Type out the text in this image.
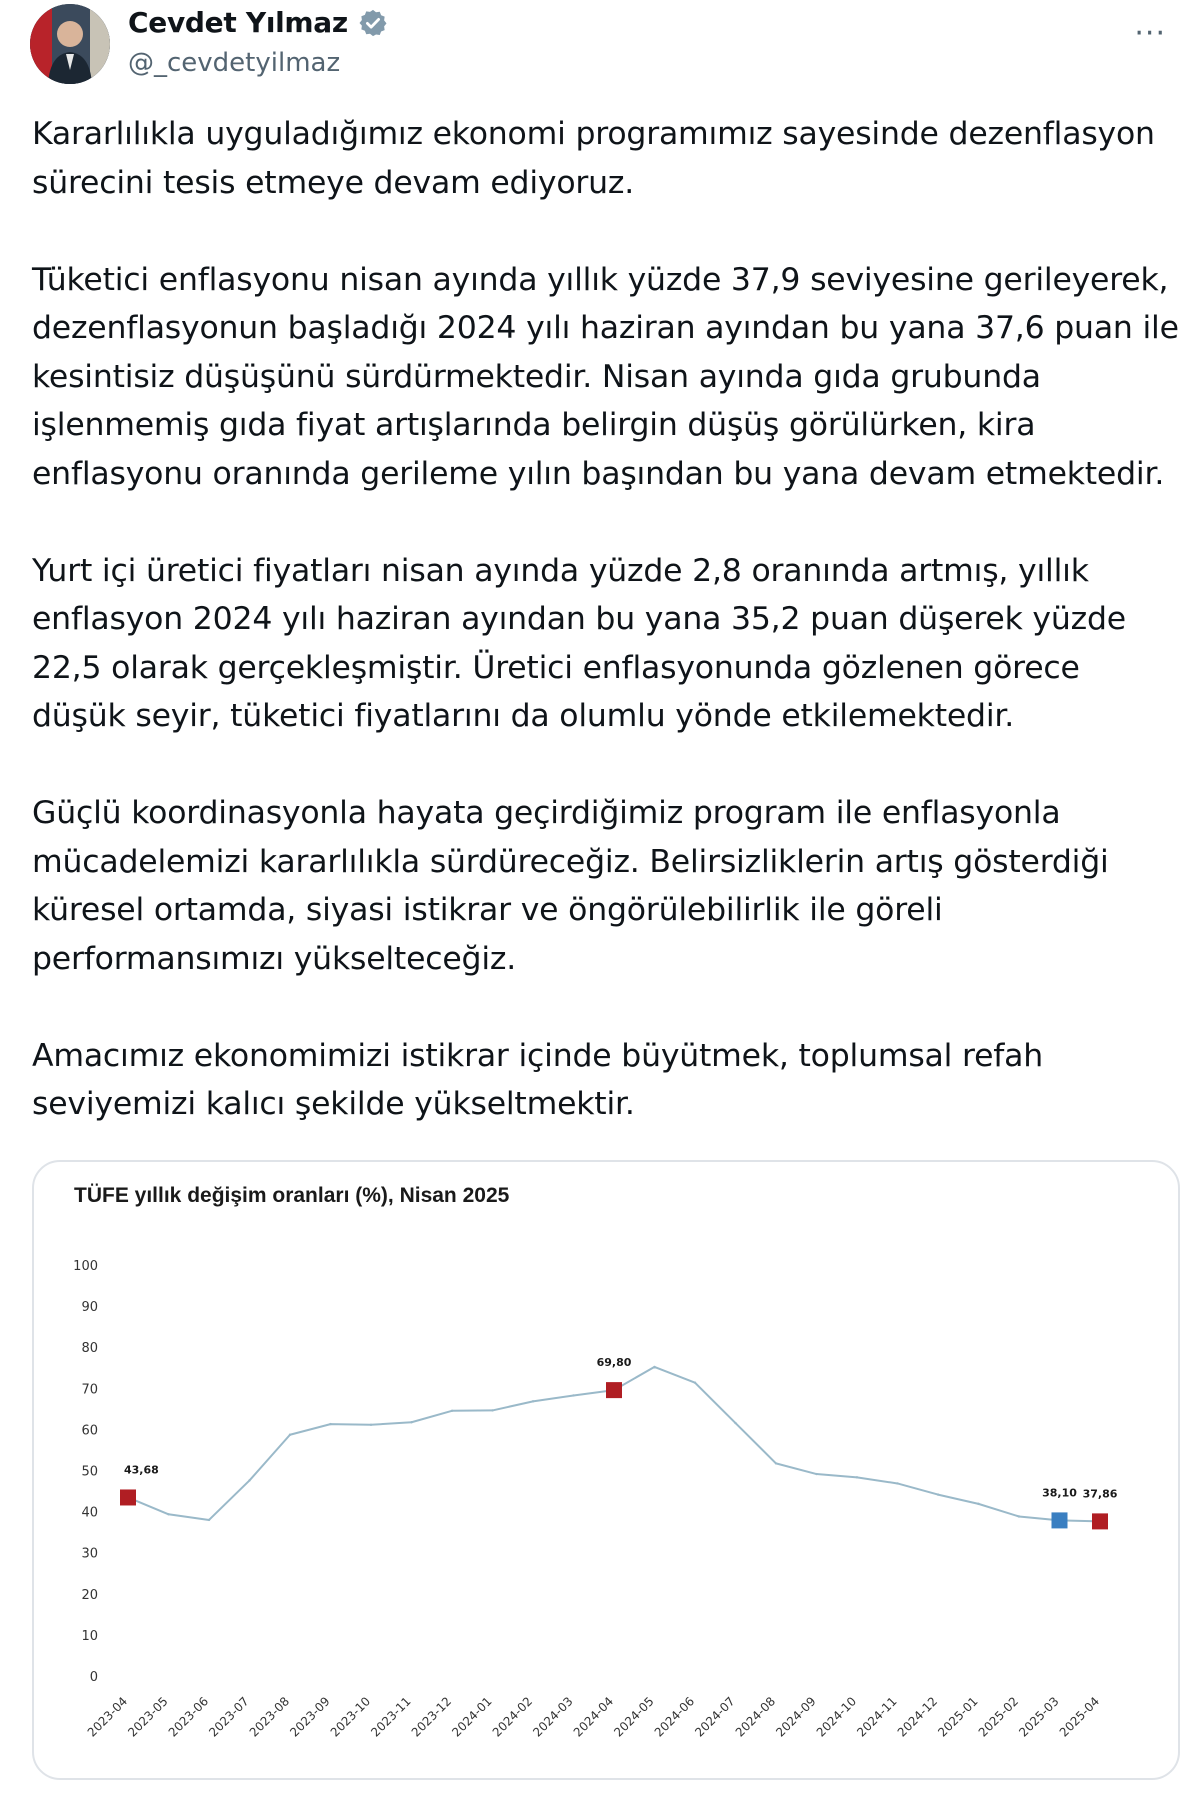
Cevdet Yılmaz
@_cevdetyilmaz
···

Kararlılıkla uyguladığımız ekonomi programımız sayesinde dezenflasyon sürecini tesis etmeye devam ediyoruz.

Tüketici enflasyonu nisan ayında yıllık yüzde 37,9 seviyesine gerileyerek, dezenflasyonun başladığı 2024 yılı haziran ayından bu yana 37,6 puan ile kesintisiz düşüşünü sürdürmektedir. Nisan ayında gıda grubunda işlenmemiş gıda fiyat artışlarında belirgin düşüş görülürken, kira enflasyonu oranında gerileme yılın başından bu yana devam etmektedir.

Yurt içi üretici fiyatları nisan ayında yüzde 2,8 oranında artmış, yıllık enflasyon 2024 yılı haziran ayından bu yana 35,2 puan düşerek yüzde 22,5 olarak gerçekleşmiştir. Üretici enflasyonunda gözlenen görece düşük seyir, tüketici fiyatlarını da olumlu yönde etkilemektedir.

Güçlü koordinasyonla hayata geçirdiğimiz program ile enflasyonla mücadelemizi kararlılıkla sürdüreceğiz. Belirsizliklerin artış gösterdiği küresel ortamda, siyasi istikrar ve öngörülebilirlik ile göreli performansımızı yükselteceğiz.

Amacımız ekonomimizi istikrar içinde büyütmek, toplumsal refah seviyemizi kalıcı şekilde yükseltmektir.

TÜFE yıllık değişim oranları (%), Nisan 2025
0
10
20
30
40
50
60
70
80
90
100
2023-04
2023-05
2023-06
2023-07
2023-08
2023-09
2023-10
2023-11
2023-12
2024-01
2024-02
2024-03
2024-04
2024-05
2024-06
2024-07
2024-08
2024-09
2024-10
2024-11
2024-12
2025-01
2025-02
2025-03
2025-04
43,68
69,80
38,10 37,86
